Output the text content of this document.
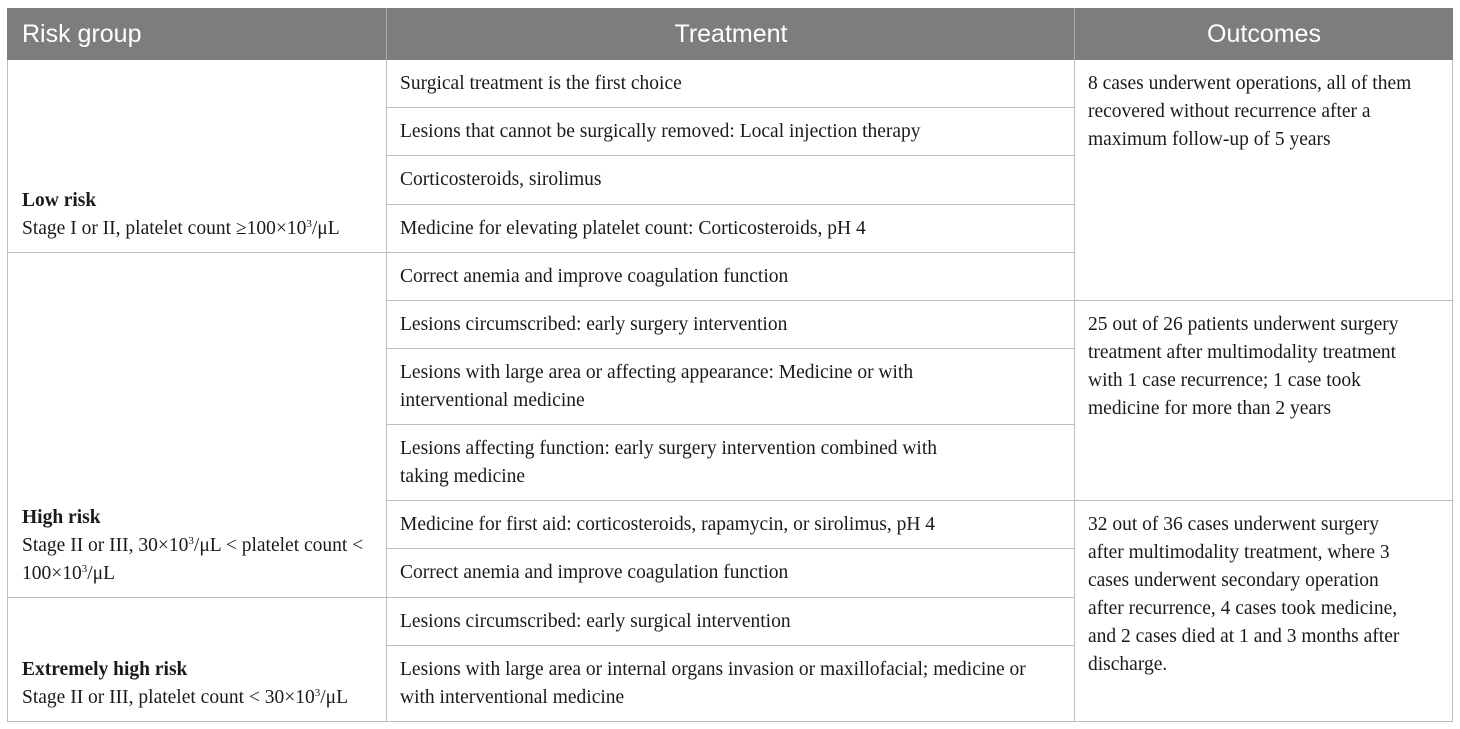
Risk group	Treatment	Outcomes
Low risk
Stage I or II, platelet count $\ge 100\times 10^3/\mu L$
High risk
Stage II or III, $30\times 10^3/\mu L$ < platelet count < $100\times 10^3/\mu L$
Extremely high risk
Stage II or III, platelet count < $30\times 10^3/\mu L$
Surgical treatment is the first choice
Lesions that cannot be surgically removed: Local injection therapy
Corticosteroids, sirolimus
Medicine for elevating platelet count: Corticosteroids, pH 4
Correct anemia and improve coagulation function
Lesions circumscribed: early surgery intervention
Lesions with large area or affecting appearance: Medicine or with interventional medicine
Lesions affecting function: early surgery intervention combined with taking medicine
Medicine for first aid: corticosteroids, rapamycin, or sirolimus, pH 4
Correct anemia and improve coagulation function
Lesions circumscribed: early surgical intervention
Lesions with large area or internal organs invasion or maxillofacial; medicine or with interventional medicine
8 cases underwent operations, all of them recovered without recurrence after a maximum follow-up of 5 years
25 out of 26 patients underwent surgery treatment after multimodality treatment with 1 case recurrence; 1 case took medicine for more than 2 years
32 out of 36 cases underwent surgery after multimodality treatment, where 3 cases underwent secondary operation after recurrence, 4 cases took medicine, and 2 cases died at 1 and 3 months after discharge.
